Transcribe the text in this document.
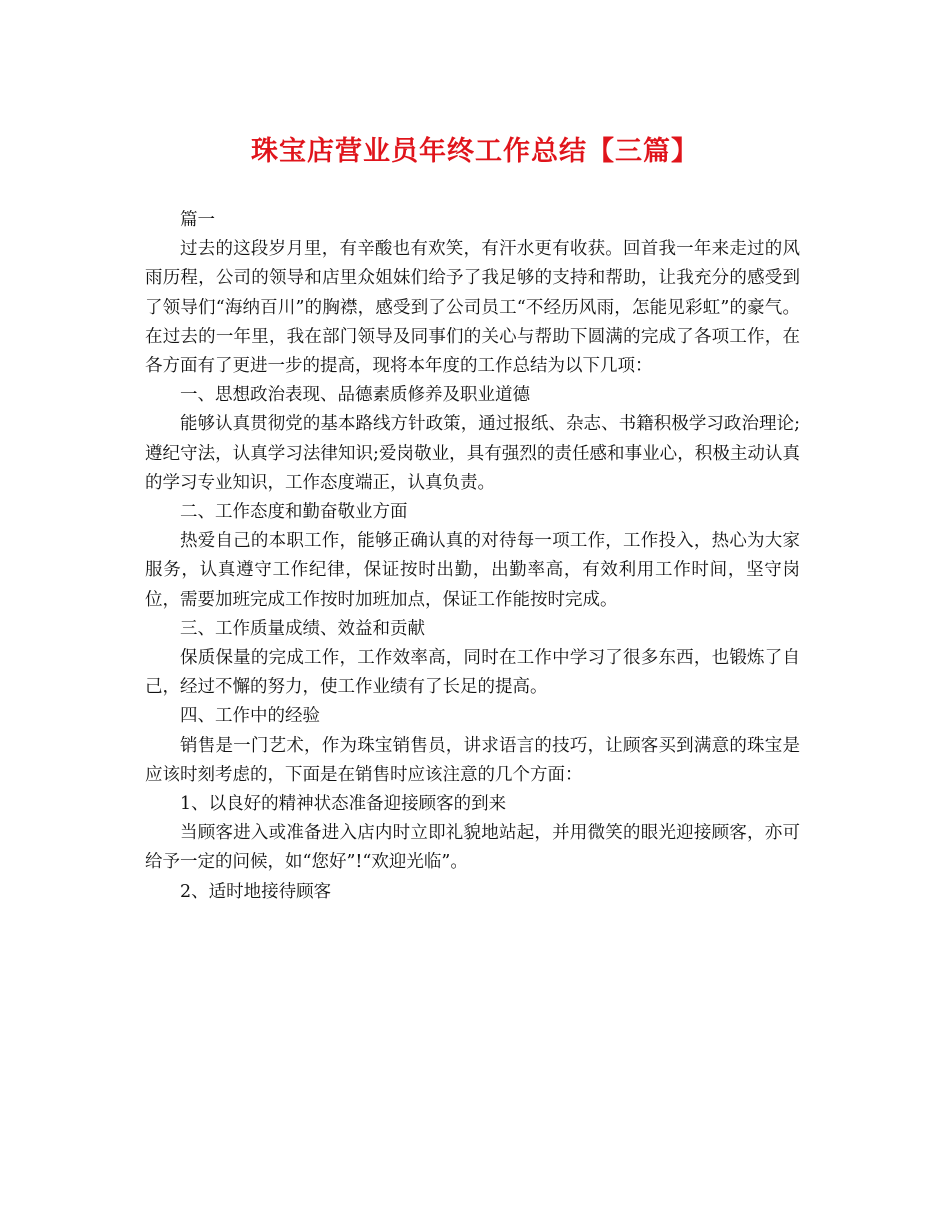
珠宝店营业员年终工作总结【三篇】

篇一

过去的这段岁月里，有辛酸也有欢笑，有汗水更有收获。回首我一年来走过的风雨历程，公司的领导和店里众姐妹们给予了我足够的支持和帮助，让我充分的感受到了领导们“海纳百川”的胸襟，感受到了公司员工“不经历风雨，怎能见彩虹”的豪气。在过去的一年里，我在部门领导及同事们的关心与帮助下圆满的完成了各项工作，在各方面有了更进一步的提高，现将本年度的工作总结为以下几项：

一、思想政治表现、品德素质修养及职业道德

能够认真贯彻党的基本路线方针政策，通过报纸、杂志、书籍积极学习政治理论;遵纪守法，认真学习法律知识;爱岗敬业，具有强烈的责任感和事业心，积极主动认真的学习专业知识，工作态度端正，认真负责。

二、工作态度和勤奋敬业方面

热爱自己的本职工作，能够正确认真的对待每一项工作，工作投入，热心为大家服务，认真遵守工作纪律，保证按时出勤，出勤率高，有效利用工作时间，坚守岗位，需要加班完成工作按时加班加点，保证工作能按时完成。

三、工作质量成绩、效益和贡献

保质保量的完成工作，工作效率高，同时在工作中学习了很多东西，也锻炼了自己，经过不懈的努力，使工作业绩有了长足的提高。

四、工作中的经验

销售是一门艺术，作为珠宝销售员，讲求语言的技巧，让顾客买到满意的珠宝是应该时刻考虑的，下面是在销售时应该注意的几个方面：

1、以良好的精神状态准备迎接顾客的到来

当顾客进入或准备进入店内时立即礼貌地站起，并用微笑的眼光迎接顾客，亦可给予一定的问候，如“您好”!“欢迎光临”。

2、适时地接待顾客
